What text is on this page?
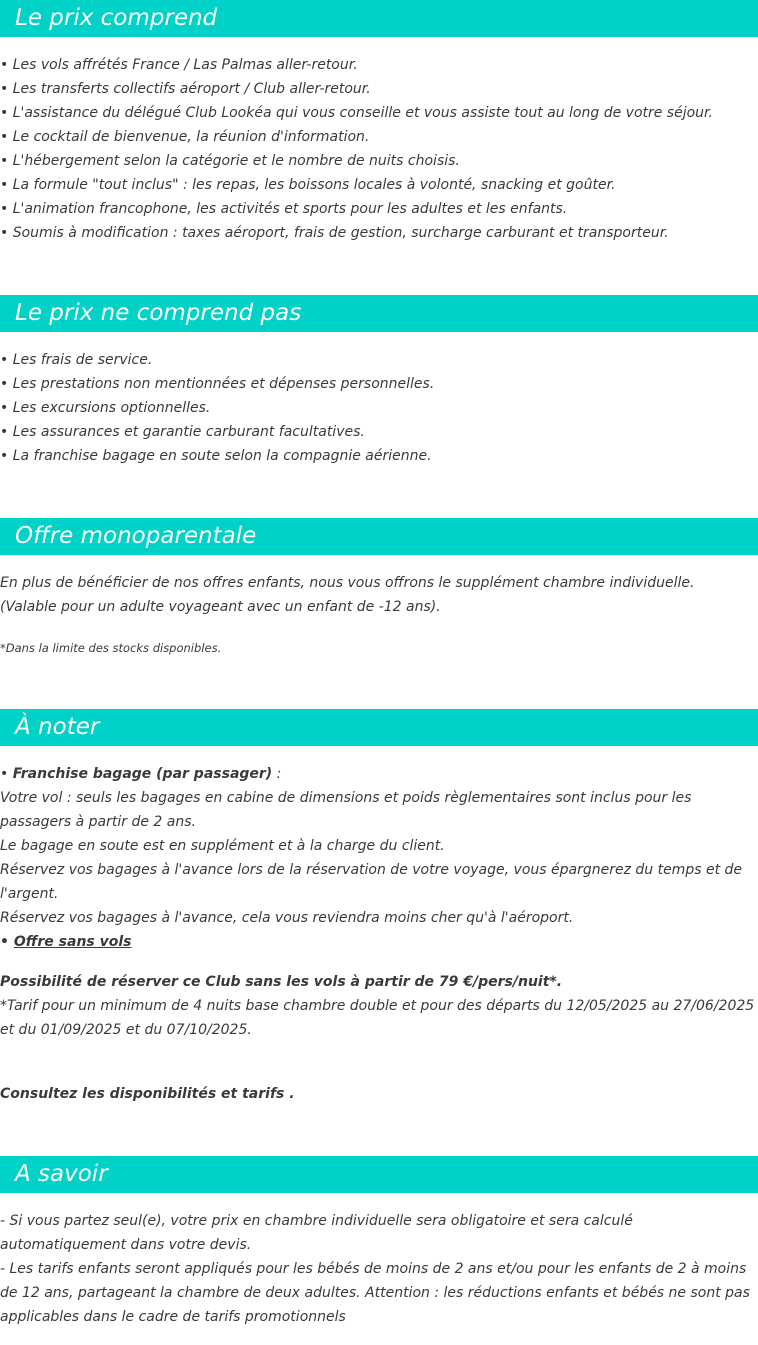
Le prix comprend

• Les vols affrétés France / Las Palmas aller-retour.

• Les transferts collectifs aéroport / Club aller-retour.

• L'assistance du délégué Club Lookéa qui vous conseille et vous assiste tout au long de votre séjour.

• Le cocktail de bienvenue, la réunion d'information.

• L'hébergement selon la catégorie et le nombre de nuits choisis.

• La formule "tout inclus" : les repas, les boissons locales à volonté, snacking et goûter.

• L'animation francophone, les activités et sports pour les adultes et les enfants.

• Soumis à modification : taxes aéroport, frais de gestion, surcharge carburant et transporteur.

Le prix ne comprend pas

• Les frais de service.

• Les prestations non mentionnées et dépenses personnelles.

• Les excursions optionnelles.

• Les assurances et garantie carburant facultatives.

• La franchise bagage en soute selon la compagnie aérienne.

Offre monoparentale

En plus de bénéficier de nos offres enfants, nous vous offrons le supplément chambre individuelle.

(Valable pour un adulte voyageant avec un enfant de -12 ans).

*Dans la limite des stocks disponibles.
À noter

• Franchise bagage (par passager) :

Votre vol : seuls les bagages en cabine de dimensions et poids règlementaires sont inclus pour les passagers à partir de 2 ans.

Le bagage en soute est en supplément et à la charge du client.

Réservez vos bagages à l'avance lors de la réservation de votre voyage, vous épargnerez du temps et de l'argent.

Réservez vos bagages à l'avance, cela vous reviendra moins cher qu'à l'aéroport.

• Offre sans vols

Possibilité de réserver ce Club sans les vols à partir de 79 €/pers/nuit*.

*Tarif pour un minimum de 4 nuits base chambre double et pour des départs du 12/05/2025 au 27/06/2025 et du 01/09/2025 et du 07/10/2025.

Consultez les disponibilités et tarifs .

A savoir

- Si vous partez seul(e), votre prix en chambre individuelle sera obligatoire et sera calculé automatiquement dans votre devis.

- Les tarifs enfants seront appliqués pour les bébés de moins de 2 ans et/ou pour les enfants de 2 à moins de 12 ans, partageant la chambre de deux adultes. Attention : les réductions enfants et bébés ne sont pas applicables dans le cadre de tarifs promotionnels
